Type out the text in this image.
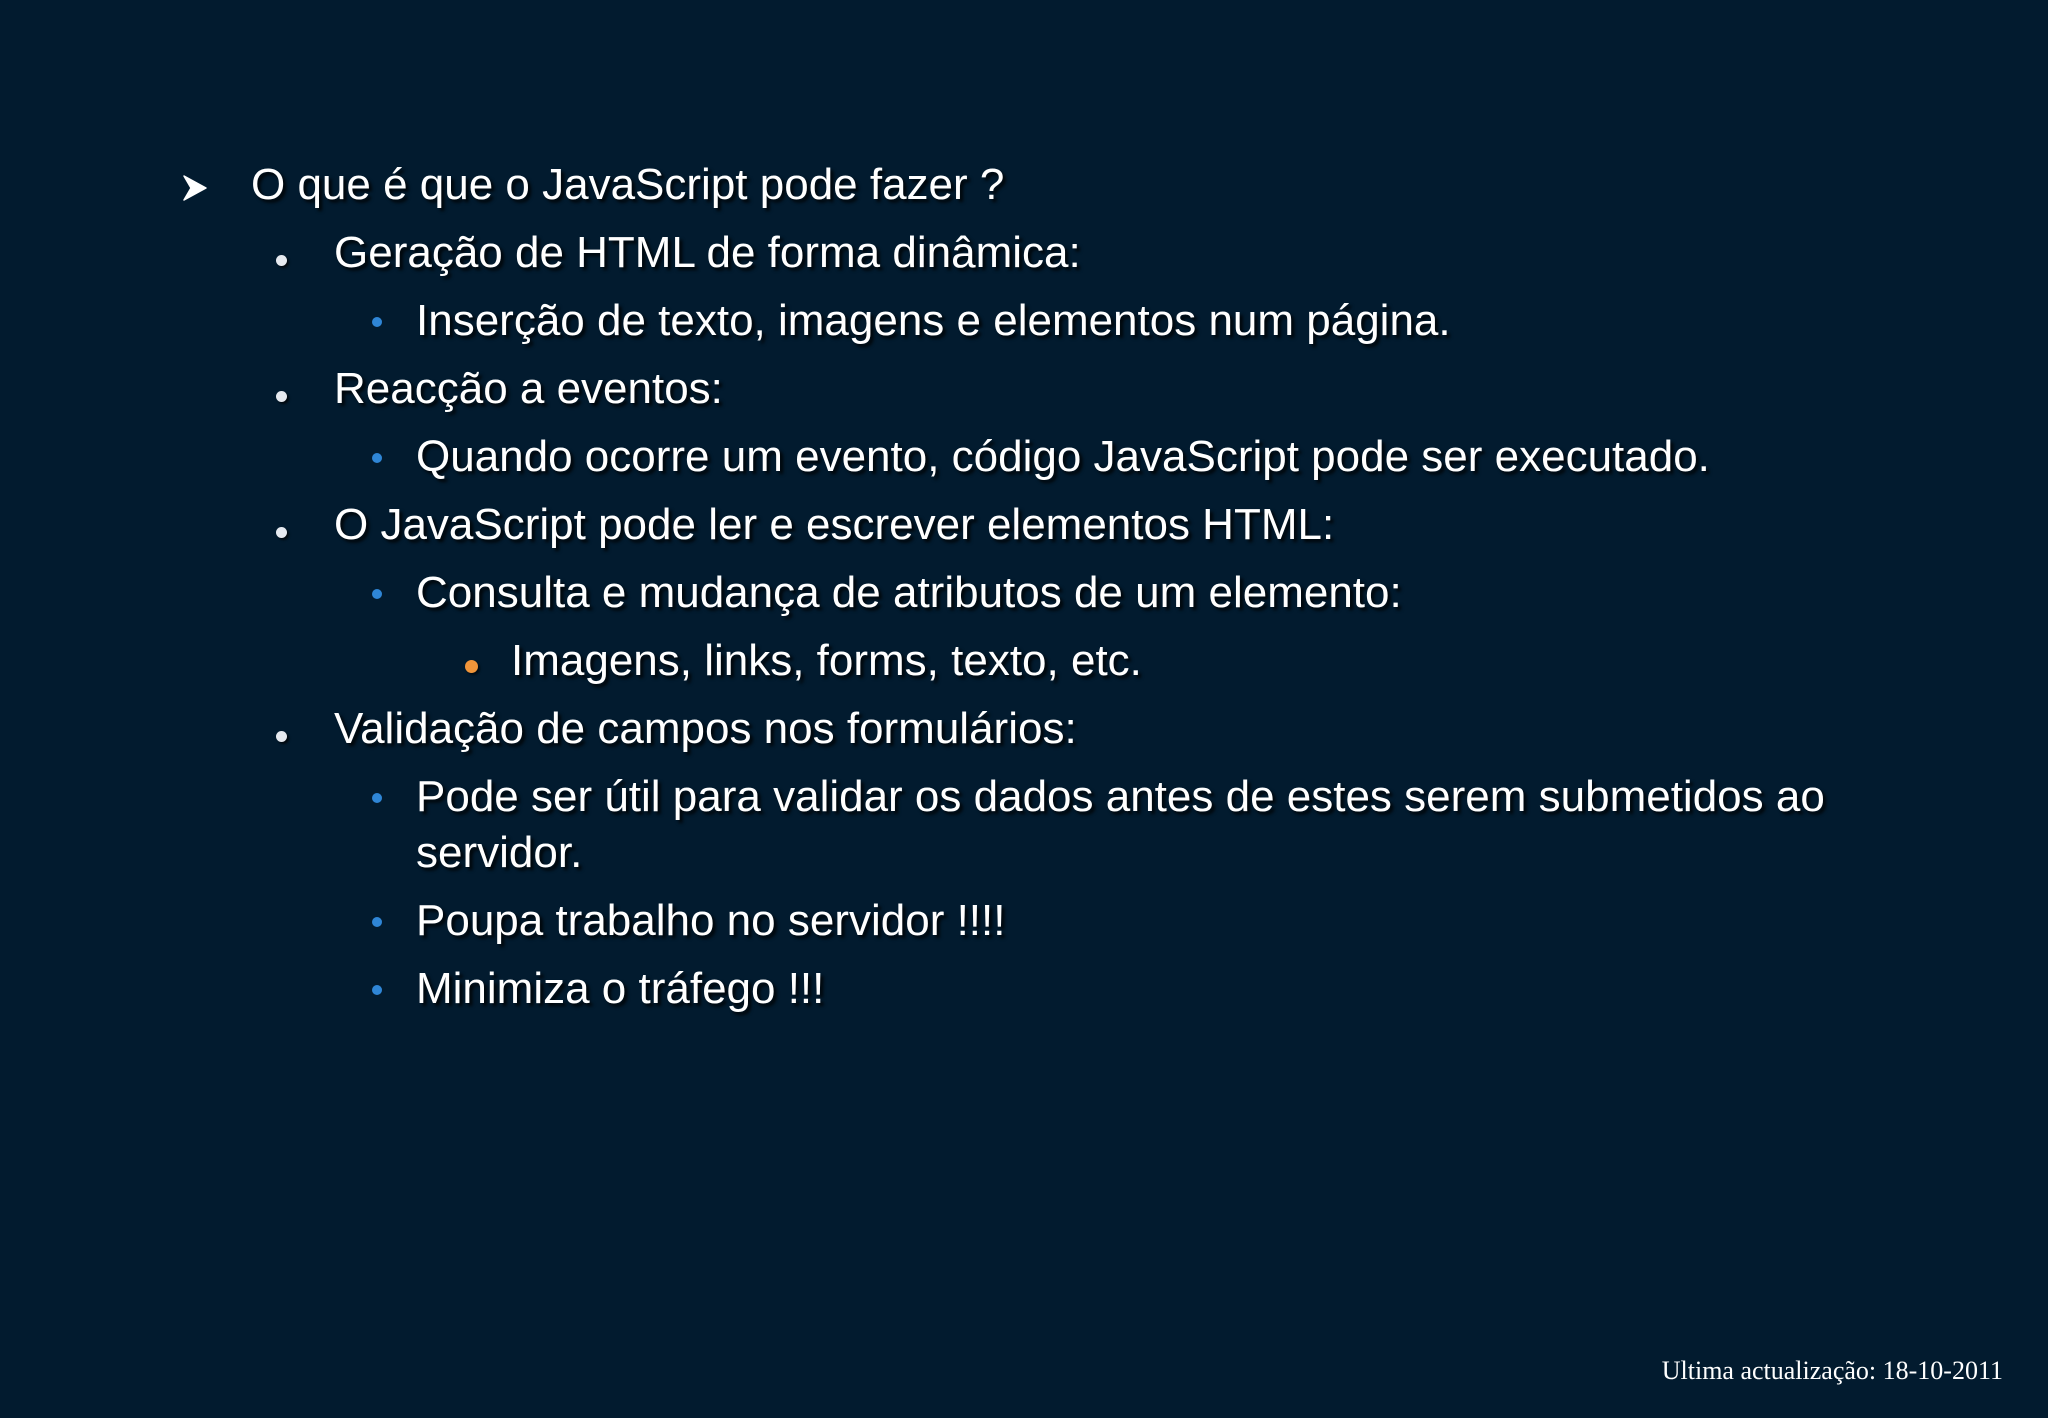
O que é que o JavaScript pode fazer ?
Geração de HTML de forma dinâmica:
Inserção de texto, imagens e elementos num página.
Reacção a eventos:
Quando ocorre um evento, código JavaScript pode ser executado.
O JavaScript pode ler e escrever elementos HTML:
Consulta e mudança de atributos de um elemento:
Imagens, links, forms, texto, etc.
Validação de campos nos formulários:
Pode ser útil para validar os dados antes de estes serem submetidos ao servidor.
Poupa trabalho no servidor !!!!
Minimiza o tráfego !!!
Ultima actualização: 18-10-2011
